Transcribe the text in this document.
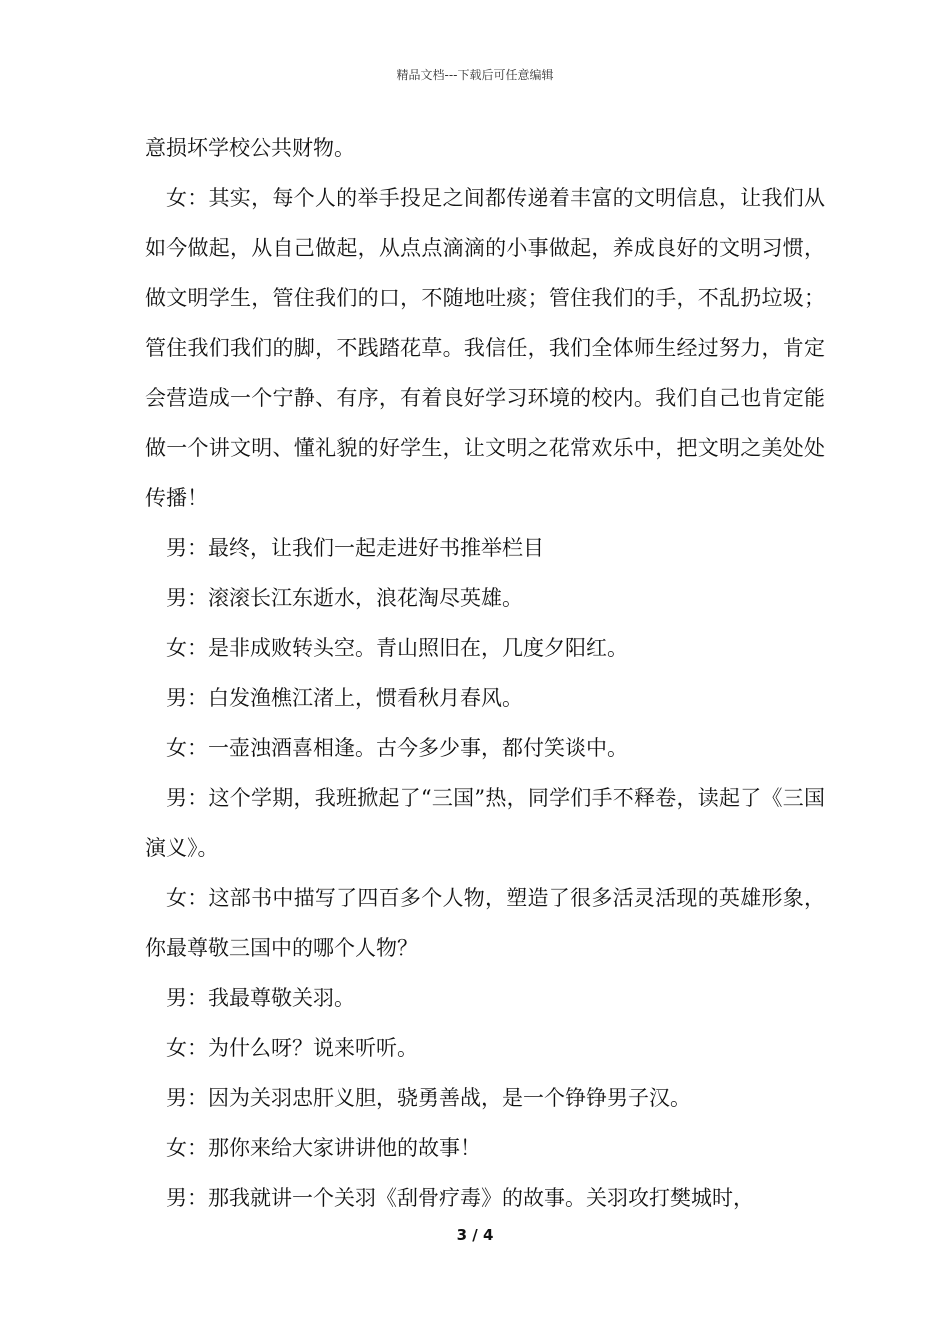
精品文档---下载后可任意编辑

意损坏学校公共财物。

女：其实，每个人的举手投足之间都传递着丰富的文明信息，让我们从如今做起，从自己做起，从点点滴滴的小事做起，养成良好的文明习惯，做文明学生，管住我们的口，不随地吐痰；管住我们的手，不乱扔垃圾；管住我们我们的脚，不践踏花草。我信任，我们全体师生经过努力，肯定会营造成一个宁静、有序，有着良好学习环境的校内。我们自己也肯定能做一个讲文明、懂礼貌的好学生，让文明之花常欢乐中，把文明之美处处传播！

男：最终，让我们一起走进好书推举栏目

男：滚滚长江东逝水，浪花淘尽英雄。

女：是非成败转头空。青山照旧在，几度夕阳红。

男：白发渔樵江渚上，惯看秋月春风。

女：一壶浊酒喜相逢。古今多少事，都付笑谈中。

男：这个学期，我班掀起了“三国”热，同学们手不释卷，读起了《三国演义》。

女：这部书中描写了四百多个人物，塑造了很多活灵活现的英雄形象，你最尊敬三国中的哪个人物？

男：我最尊敬关羽。

女：为什么呀？说来听听。

男：因为关羽忠肝义胆，骁勇善战，是一个铮铮男子汉。

女：那你来给大家讲讲他的故事！

男：那我就讲一个关羽《刮骨疗毒》的故事。关羽攻打樊城时，

3 / 4
